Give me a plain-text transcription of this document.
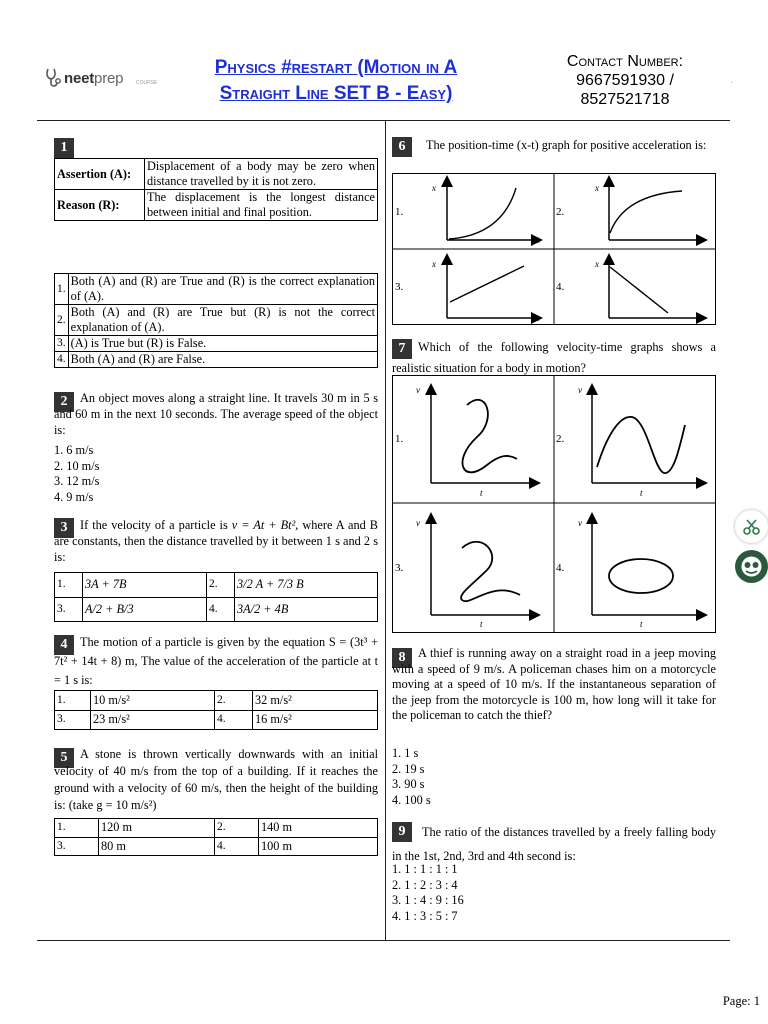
neetprep	COURSE
Physics #restart (Motion in A
Straight Line SET B - Easy)
Contact Number:
9667591930 /
8527521718
·
1
Assertion (A):	Displacement of a body may be zero when distance travelled by it is not zero.
Reason (R):	The displacement is the longest distance between initial and final position.
1.	Both (A) and (R) are True and (R) is the correct explanation of (A).
2.	Both (A) and (R) are True but (R) is not the correct explanation of (A).
3.	(A) is True but (R) is False.
4.	Both (A) and (R) are False.
2	An object moves along a straight line. It travels 30 m in 5 s and 60 m in the next 10 seconds. The average speed of the object is:
1. 6 m/s
2. 10 m/s
3. 12 m/s
4. 9 m/s
3	If the velocity of a particle is v = At + Bt², where A and B are constants, then the distance travelled by it between 1 s and 2 s is:
1.	3A + 7B	2.	3/2 A + 7/3 B
3.	A/2 + B/3	4.	3A/2 + 4B
4	The motion of a particle is given by the equation S = (3t³ + 7t² + 14t + 8) m, The value of the acceleration of the particle at t = 1 s is:
1.	10 m/s²	2.	32 m/s²
3.	23 m/s²	4.	16 m/s²
5	A stone is thrown vertically downwards with an initial velocity of 40 m/s from the top of a building. If it reaches the ground with a velocity of 60 m/s, then the height of the building is: (take g = 10 m/s²)
1.	120 m	2.	140 m
3.	80 m	4.	100 m
6	The position-time (x-t) graph for positive acceleration is:
1.	2.
3.	4.
x	x
x	x
t	t
t	t
7	Which of the following velocity-time graphs shows a realistic situation for a body in motion?
1.	2.
3.	4.
v	v
v	v
t	t
t	t
8	A thief is running away on a straight road in a jeep moving with a speed of 9 m/s. A policeman chases him on a motorcycle moving at a speed of 10 m/s. If the instantaneous separation of the jeep from the motorcycle is 100 m, how long will it take for the policeman to catch the thief?
1. 1 s
2. 19 s
3. 90 s
4. 100 s
9	The ratio of the distances travelled by a freely falling body in the 1st, 2nd, 3rd and 4th second is:
1. 1 : 1 : 1 : 1
2. 1 : 2 : 3 : 4
3. 1 : 4 : 9 : 16
4. 1 : 3 : 5 : 7
Page: 1
